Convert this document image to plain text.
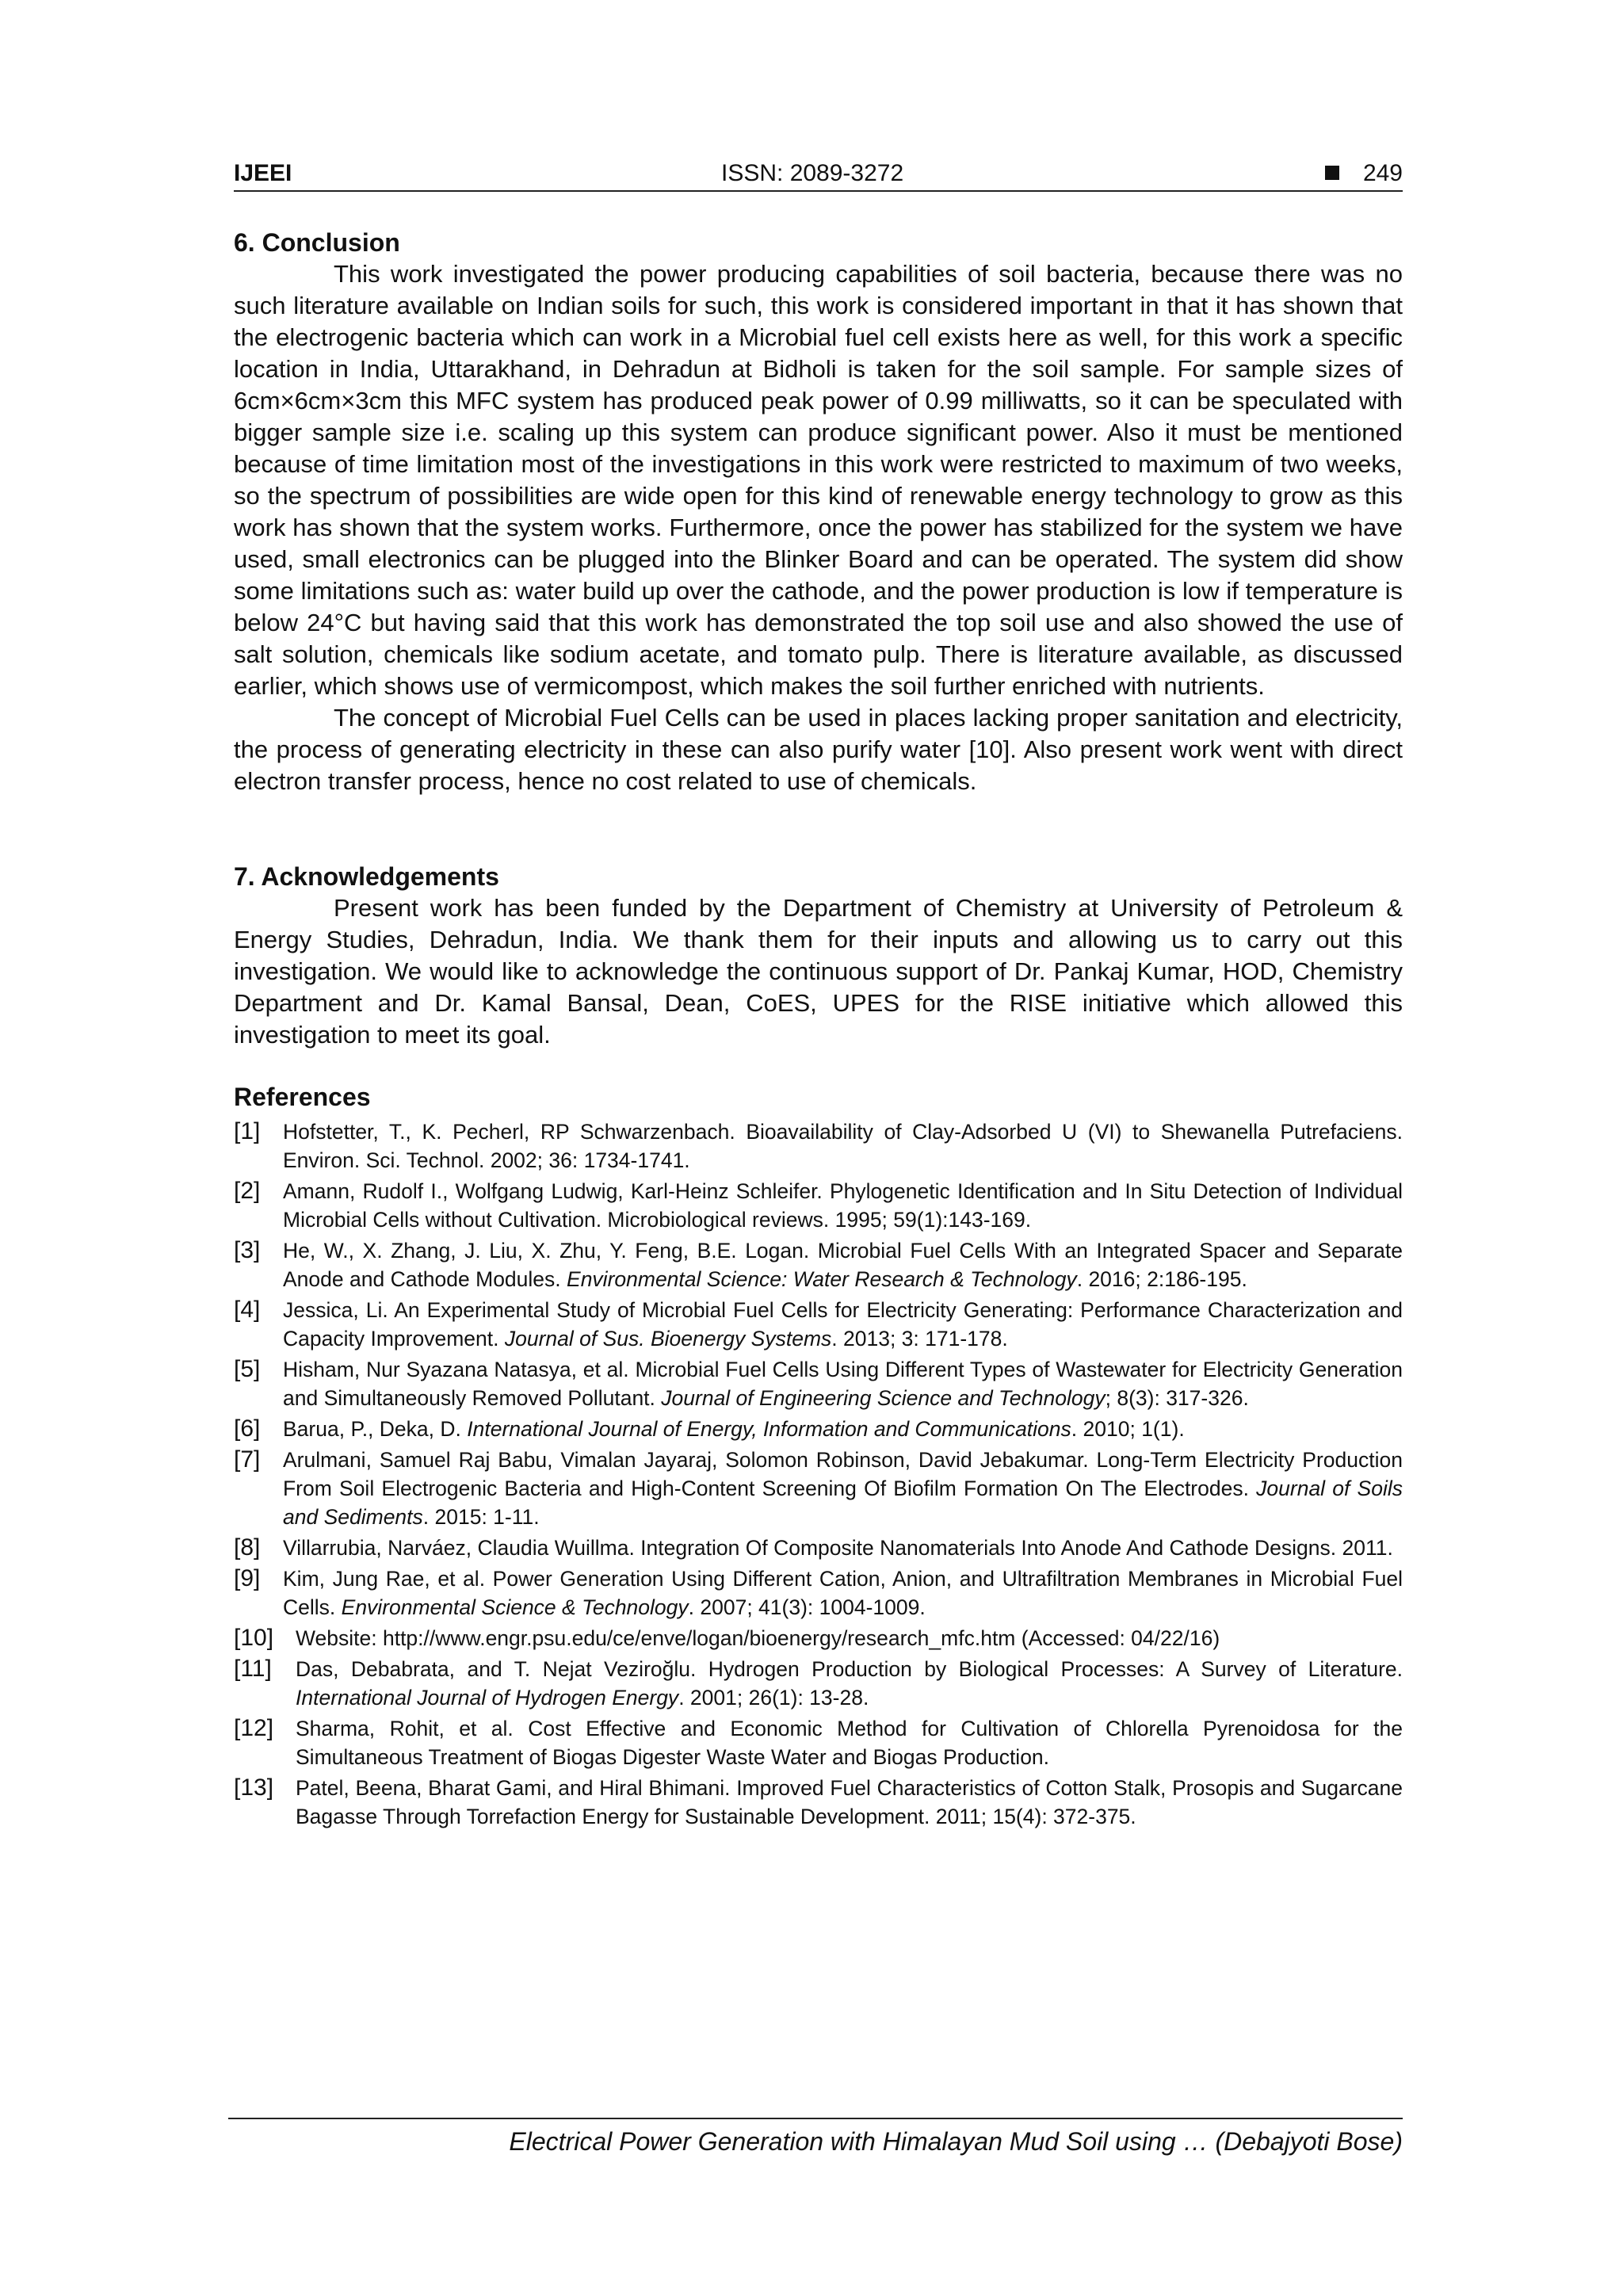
IJEEI	ISSN: 2089-3272	249
6. Conclusion

This work investigated the power producing capabilities of soil bacteria, because there was no such literature available on Indian soils for such, this work is considered important in that it has shown that the electrogenic bacteria which can work in a Microbial fuel cell exists here as well, for this work a specific location in India, Uttarakhand, in Dehradun at Bidholi is taken for the soil sample. For sample sizes of 6cm×6cm×3cm this MFC system has produced peak power of 0.99 milliwatts, so it can be speculated with bigger sample size i.e. scaling up this system can produce significant power. Also it must be mentioned because of time limitation most of the investigations in this work were restricted to maximum of two weeks, so the spectrum of possibilities are wide open for this kind of renewable energy technology to grow as this work has shown that the system works. Furthermore, once the power has stabilized for the system we have used, small electronics can be plugged into the Blinker Board and can be operated. The system did show some limitations such as: water build up over the cathode, and the power production is low if temperature is below 24°C but having said that this work has demonstrated the top soil use and also showed the use of salt solution, chemicals like sodium acetate, and tomato pulp. There is literature available, as discussed earlier, which shows use of vermicompost, which makes the soil further enriched with nutrients.

The concept of Microbial Fuel Cells can be used in places lacking proper sanitation and electricity, the process of generating electricity in these can also purify water [10]. Also present work went with direct electron transfer process, hence no cost related to use of chemicals.

7. Acknowledgements

Present work has been funded by the Department of Chemistry at University of Petroleum & Energy Studies, Dehradun, India. We thank them for their inputs and allowing us to carry out this investigation. We would like to acknowledge the continuous support of Dr. Pankaj Kumar, HOD, Chemistry Department and Dr. Kamal Bansal, Dean, CoES, UPES for the RISE initiative which allowed this investigation to meet its goal.

References
[1]	Hofstetter, T., K. Pecherl, RP Schwarzenbach. Bioavailability of Clay-Adsorbed U (VI) to Shewanella Putrefaciens. Environ. Sci. Technol. 2002; 36: 1734-1741.
[2]	Amann, Rudolf I., Wolfgang Ludwig, Karl-Heinz Schleifer. Phylogenetic Identification and In Situ Detection of Individual Microbial Cells without Cultivation. Microbiological reviews. 1995; 59(1):143-169.
[3]	He, W., X. Zhang, J. Liu, X. Zhu, Y. Feng, B.E. Logan. Microbial Fuel Cells With an Integrated Spacer and Separate Anode and Cathode Modules. Environmental Science: Water Research & Technology. 2016; 2:186-195.
[4]	Jessica, Li. An Experimental Study of Microbial Fuel Cells for Electricity Generating: Performance Characterization and Capacity Improvement. Journal of Sus. Bioenergy Systems. 2013; 3: 171-178.
[5]	Hisham, Nur Syazana Natasya, et al. Microbial Fuel Cells Using Different Types of Wastewater for Electricity Generation and Simultaneously Removed Pollutant. Journal of Engineering Science and Technology; 8(3): 317-326.
[6]	Barua, P., Deka, D. International Journal of Energy, Information and Communications. 2010; 1(1).
[7]	Arulmani, Samuel Raj Babu, Vimalan Jayaraj, Solomon Robinson, David Jebakumar. Long-Term Electricity Production From Soil Electrogenic Bacteria and High-Content Screening Of Biofilm Formation On The Electrodes. Journal of Soils and Sediments. 2015: 1-11.
[8]	Villarrubia, Narváez, Claudia Wuillma. Integration Of Composite Nanomaterials Into Anode And Cathode Designs. 2011.
[9]	Kim, Jung Rae, et al. Power Generation Using Different Cation, Anion, and Ultrafiltration Membranes in Microbial Fuel Cells. Environmental Science & Technology. 2007; 41(3): 1004-1009.
[10]	Website: http://www.engr.psu.edu/ce/enve/logan/bioenergy/research_mfc.htm (Accessed: 04/22/16)
[11]	Das, Debabrata, and T. Nejat Veziroğlu. Hydrogen Production by Biological Processes: A Survey of Literature. International Journal of Hydrogen Energy. 2001; 26(1): 13-28.
[12]	Sharma, Rohit, et al. Cost Effective and Economic Method for Cultivation of Chlorella Pyrenoidosa for the Simultaneous Treatment of Biogas Digester Waste Water and Biogas Production.
[13]	Patel, Beena, Bharat Gami, and Hiral Bhimani. Improved Fuel Characteristics of Cotton Stalk, Prosopis and Sugarcane Bagasse Through Torrefaction Energy for Sustainable Development. 2011; 15(4): 372-375.
Electrical Power Generation with Himalayan Mud Soil using … (Debajyoti Bose)
